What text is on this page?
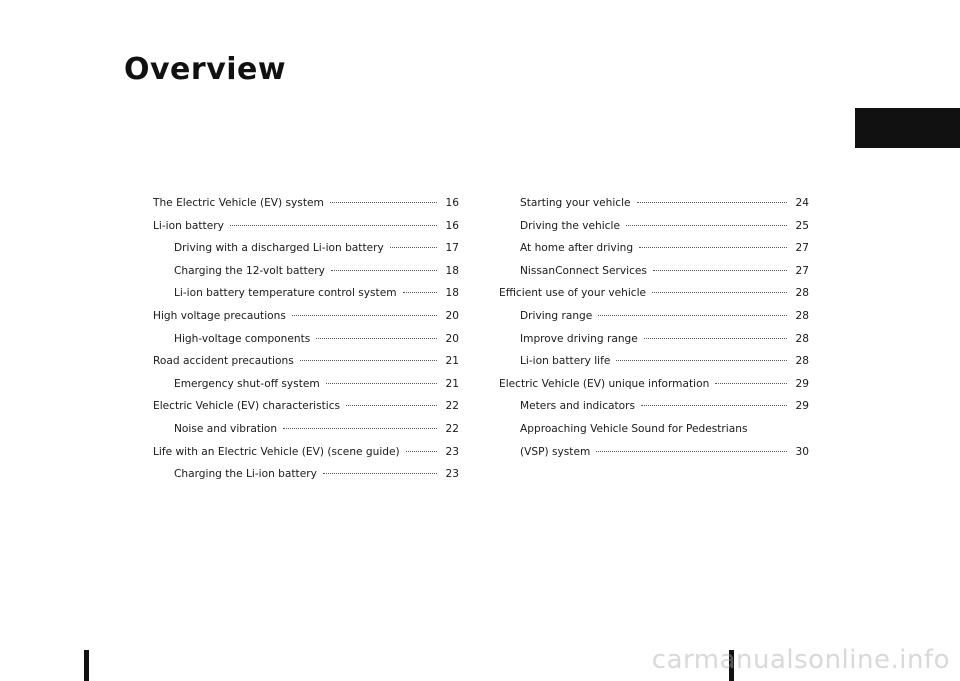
Overview
The Electric Vehicle (EV) system	16
Li-ion battery	16
Driving with a discharged Li-ion battery	17
Charging the 12-volt battery	18
Li-ion battery temperature control system	18
High voltage precautions	20
High-voltage components	20
Road accident precautions	21
Emergency shut-off system	21
Electric Vehicle (EV) characteristics	22
Noise and vibration	22
Life with an Electric Vehicle (EV) (scene guide)	23
Charging the Li-ion battery	23
Starting your vehicle	24
Driving the vehicle	25
At home after driving	27
NissanConnect Services	27
Efficient use of your vehicle	28
Driving range	28
Improve driving range	28
Li-ion battery life	28
Electric Vehicle (EV) unique information	29
Meters and indicators	29
Approaching Vehicle Sound for Pedestrians
(VSP) system	30
carmanualsonline.info
